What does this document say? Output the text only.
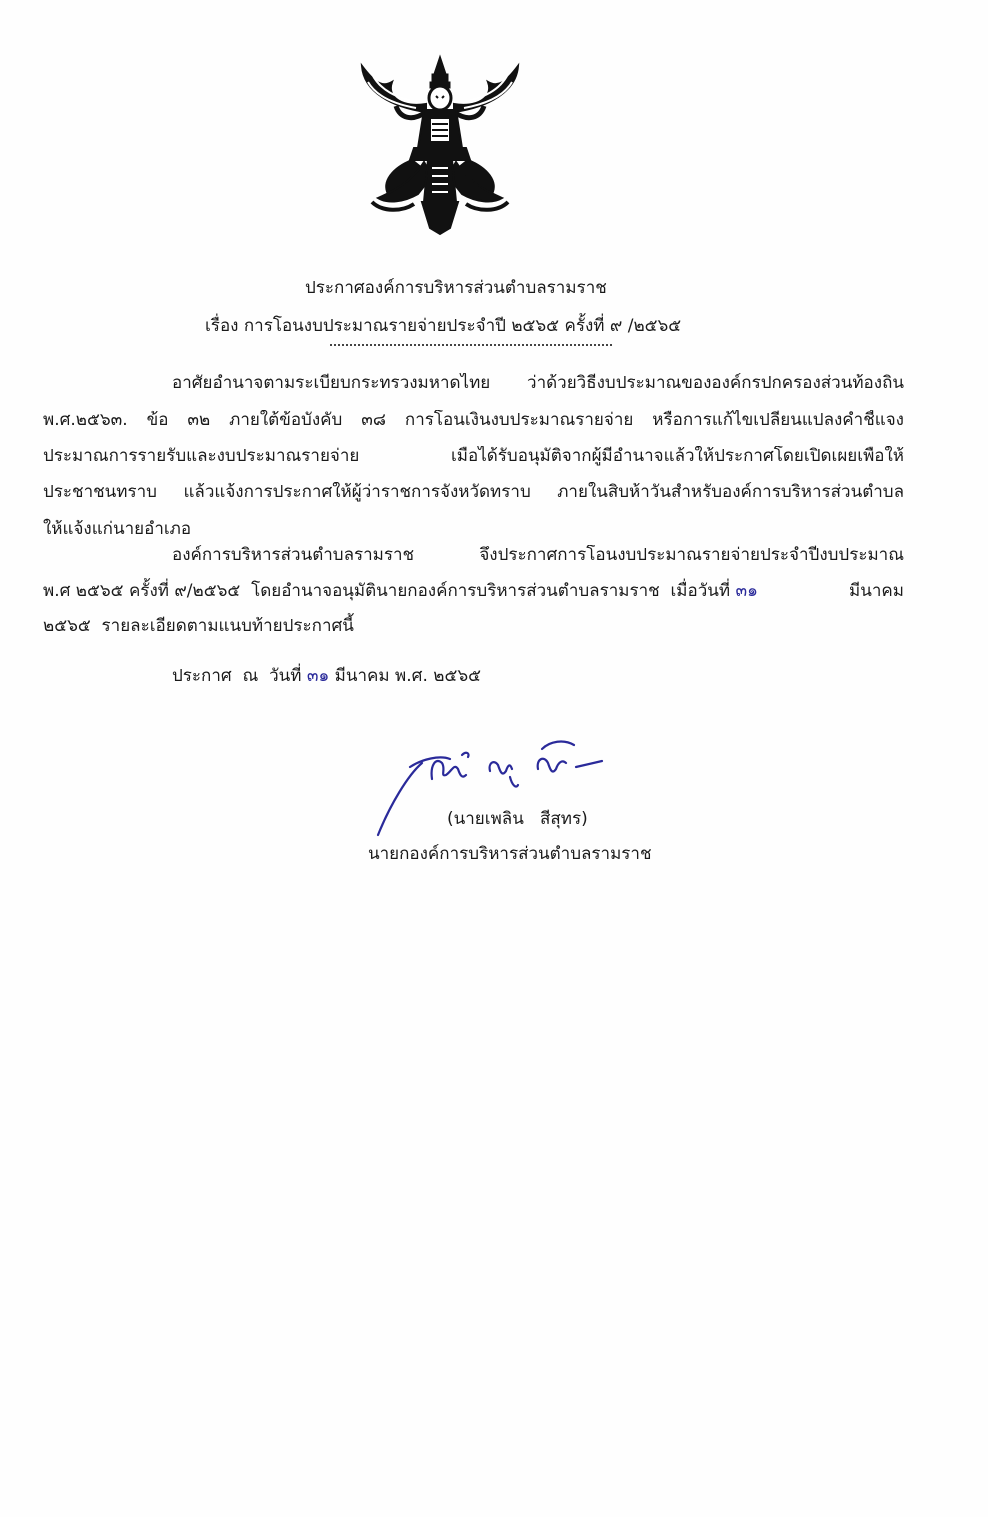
ประกาศองค์การบริหารส่วนตำบลรามราช
เรื่อง การโอนงบประมาณรายจ่ายประจำปี ๒๕๖๕ ครั้งที่ ๙ /๒๕๖๕
อาศัยอำนาจตามระเบียบกระทรวงมหาดไทย ว่าด้วยวิธีงบประมาณขององค์กรปกครองส่วนท้องถิ่น
พ.ศ.๒๕๖๓. ข้อ ๓๒ ภายใต้ข้อบังคับ ๓๘ การโอนเงินงบประมาณรายจ่าย หรือการแก้ไขเปลี่ยนแปลงคำชี้แจง
ประมาณการรายรับและงบประมาณรายจ่าย เมื่อได้รับอนุมัติจากผู้มีอำนาจแล้วให้ประกาศโดยเปิดเผยเพื่อให้
ประชาชนทราบ แล้วแจ้งการประกาศให้ผู้ว่าราชการจังหวัดทราบ ภายในสิบห้าวันสำหรับองค์การบริหารส่วนตำบล
ให้แจ้งแก่นายอำเภอ
องค์การบริหารส่วนตำบลรามราช จึงประกาศการโอนงบประมาณรายจ่ายประจำปีงบประมาณ
พ.ศ ๒๕๖๕ ครั้งที่ ๙/๒๕๖๕  โดยอำนาจอนุมัตินายกองค์การบริหารส่วนตำบลรามราช  เมื่อวันที่ ๓๑	มีนาคม
๒๕๖๕  รายละเอียดตามแนบท้ายประกาศนี้
ประกาศ  ณ  วันที่ ๓๑ มีนาคม พ.ศ. ๒๕๖๕
(นายเพลิน   สีสุทร)
นายกองค์การบริหารส่วนตำบลรามราช
